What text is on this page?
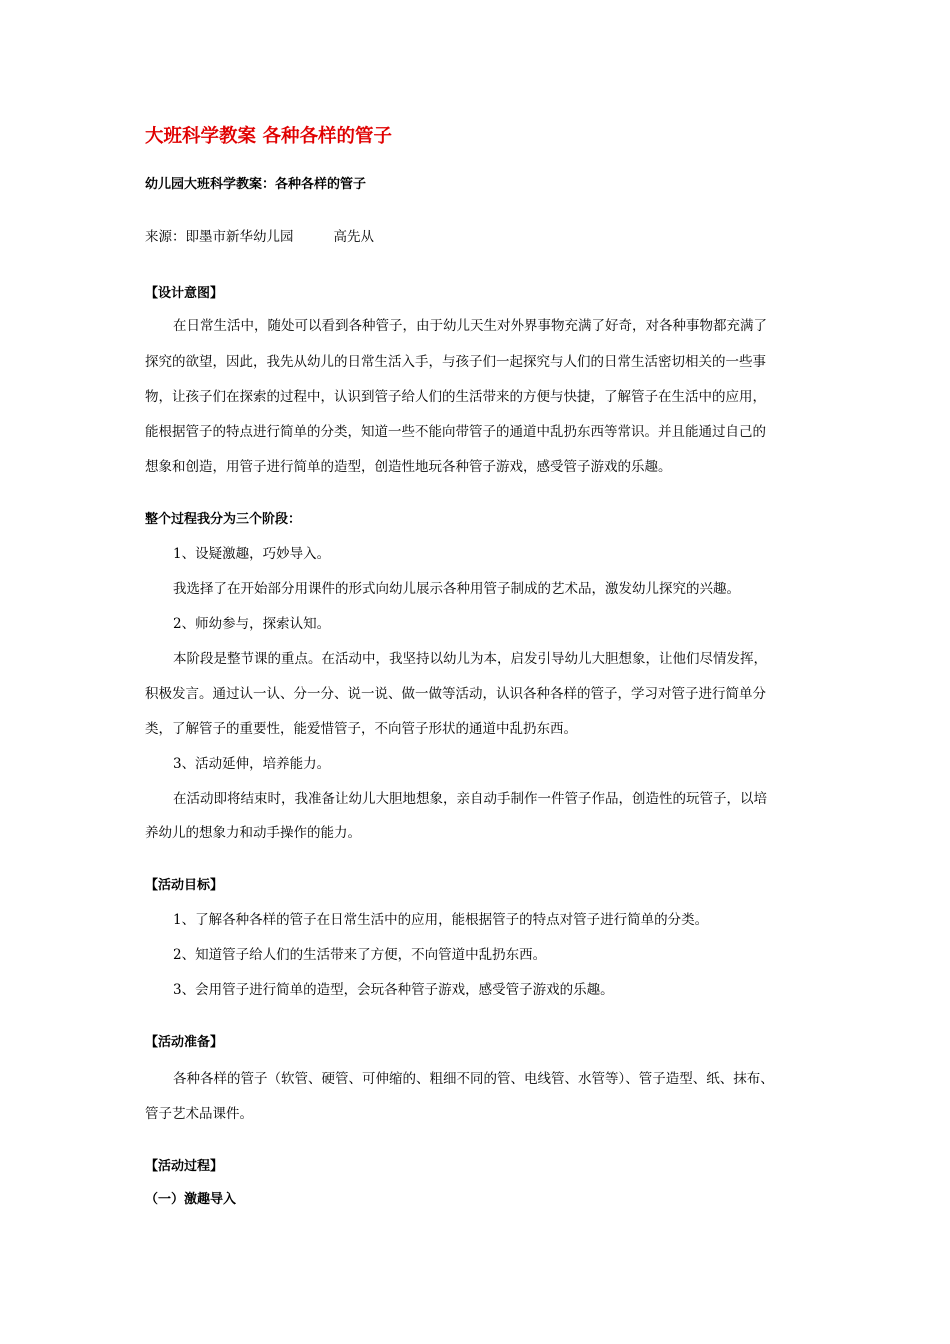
大班科学教案 各种各样的管子

幼儿园大班科学教案：各种各样的管子

来源：即墨市新华幼儿园	高先从

【设计意图】

在日常生活中，随处可以看到各种管子，由于幼儿天生对外界事物充满了好奇，对各种事物都充满了

探究的欲望，因此，我先从幼儿的日常生活入手，与孩子们一起探究与人们的日常生活密切相关的一些事

物，让孩子们在探索的过程中，认识到管子给人们的生活带来的方便与快捷，了解管子在生活中的应用，

能根据管子的特点进行简单的分类，知道一些不能向带管子的通道中乱扔东西等常识。并且能通过自己的

想象和创造，用管子进行简单的造型，创造性地玩各种管子游戏，感受管子游戏的乐趣。

整个过程我分为三个阶段：

1、设疑激趣，巧妙导入。

我选择了在开始部分用课件的形式向幼儿展示各种用管子制成的艺术品，激发幼儿探究的兴趣。

2、师幼参与，探索认知。

本阶段是整节课的重点。在活动中，我坚持以幼儿为本，启发引导幼儿大胆想象，让他们尽情发挥，

积极发言。通过认一认、分一分、说一说、做一做等活动，认识各种各样的管子，学习对管子进行简单分

类，了解管子的重要性，能爱惜管子，不向管子形状的通道中乱扔东西。

3、活动延伸，培养能力。

在活动即将结束时，我准备让幼儿大胆地想象，亲自动手制作一件管子作品，创造性的玩管子，以培

养幼儿的想象力和动手操作的能力。

【活动目标】

1、了解各种各样的管子在日常生活中的应用，能根据管子的特点对管子进行简单的分类。

2、知道管子给人们的生活带来了方便，不向管道中乱扔东西。

3、会用管子进行简单的造型，会玩各种管子游戏，感受管子游戏的乐趣。

【活动准备】

各种各样的管子（软管、硬管、可伸缩的、粗细不同的管、电线管、水管等）、管子造型、纸、抹布、

管子艺术品课件。

【活动过程】

（一）激趣导入
